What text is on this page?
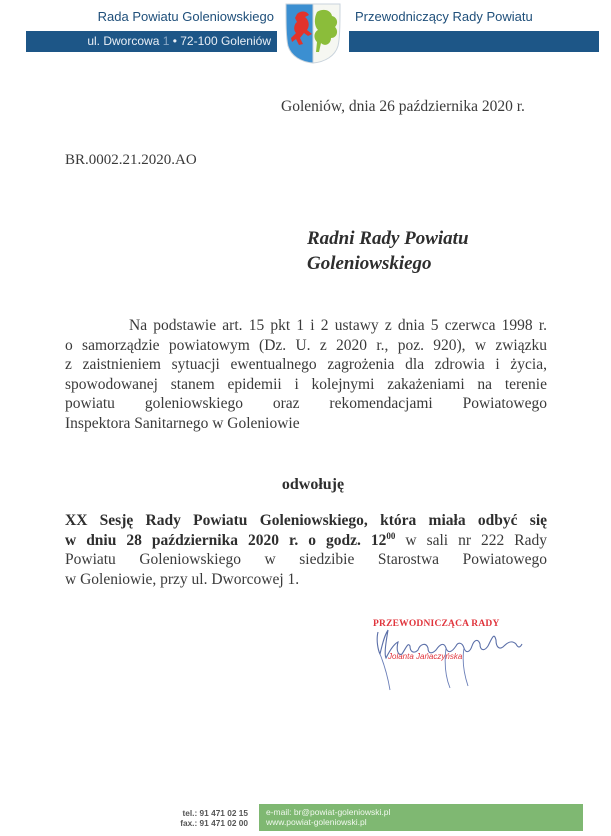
Rada Powiatu Goleniowskiego	Przewodniczący Rady Powiatu
ul. Dworcowa 1 • 72-100 Goleniów
Goleniów, dnia 26 października 2020 r.
BR.0002.21.2020.AO
Radni Rady Powiatu
Goleniowskiego
Na podstawie art. 15 pkt 1 i 2 ustawy z dnia 5 czerwca 1998 r.
o samorządzie powiatowym (Dz. U. z 2020 r., poz. 920), w związku
z zaistnieniem sytuacji ewentualnego zagrożenia dla zdrowia i życia,
spowodowanej stanem epidemii i kolejnymi zakażeniami na terenie
powiatu goleniowskiego oraz rekomendacjami Powiatowego
Inspektora Sanitarnego w Goleniowie
odwołuję
XX Sesję Rady Powiatu Goleniowskiego, która miała odbyć się
w dniu 28 października 2020 r. o godz. $12^{00}$ w sali nr 222 Rady
Powiatu Goleniowskiego w siedzibie Starostwa Powiatowego
w Goleniowie, przy ul. Dworcowej 1.
PRZEWODNICZĄCA RADY
Jolanta Jańaczyńska
tel.: 91 471 02 15
fax.: 91 471 02 00
e-mail: br@powiat-goleniowski.pl
www.powiat-goleniowski.pl
